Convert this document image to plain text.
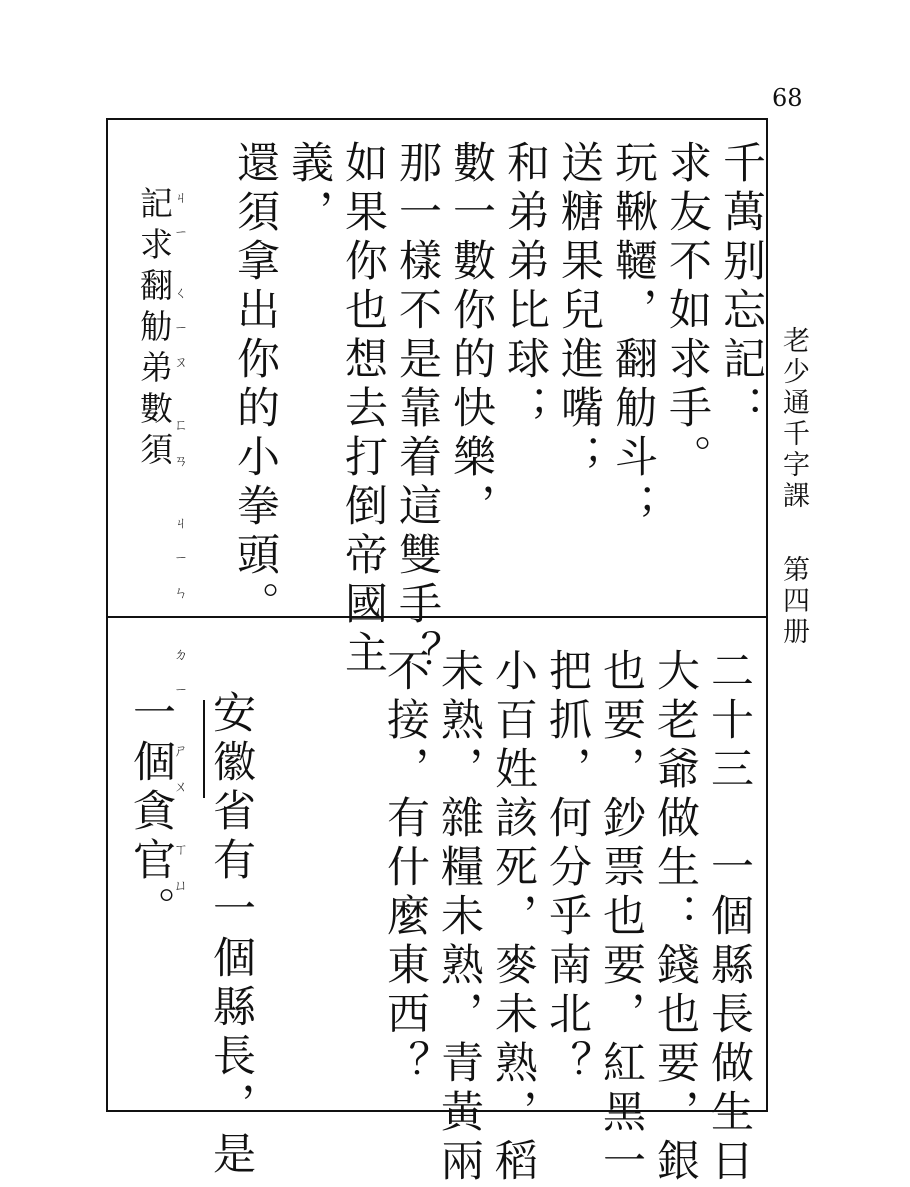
68
老少通千字課 第四册
千萬别忘記：
求友不如求手。
玩鞦韆，翻觔斗；
送糖果兒進嘴；
和弟弟比球；
數一數你的快樂，
那一樣不是靠着這雙手？
如果你也想去打倒帝國主
義，
還須拿出你的小拳頭。
記求翻觔弟數須
ㄐㄧ ㄑㄧㄡ ㄈㄢ ㄐㄧㄣ ㄉㄧ ㄕㄨ ㄒㄩ
二十三　一個縣長做生日
大老爺做生：錢也要，銀
也要，鈔票也要，紅黑一
把抓，何分乎南北？
小百姓該死，麥未熟，稻
未熟，雜糧未熟，青黃兩
不接，有什麼東西？
安徽省有一個縣長，是
一個貪官。
